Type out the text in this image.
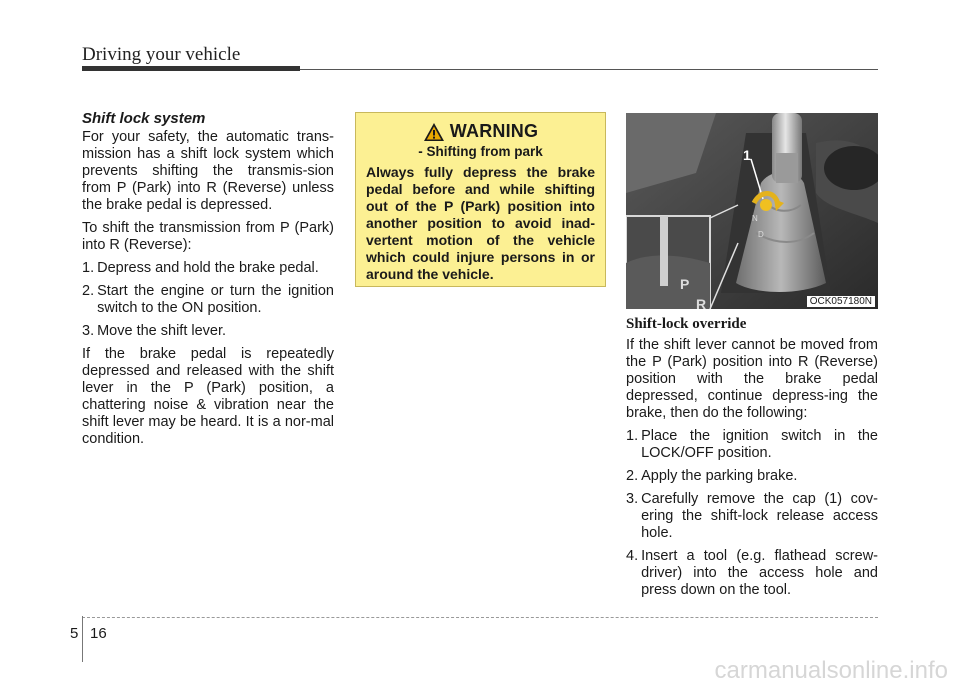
Driving your vehicle

Shift lock system

For your safety, the automatic trans-mission has a shift lock system which prevents shifting the transmis-sion from P (Park) into R (Reverse) unless the brake pedal is depressed.

To shift the transmission from P (Park) into R (Reverse):

1. Depress and hold the brake pedal.
2. Start the engine or turn the ignition switch to the ON position.
3. Move the shift lever.

If the brake pedal is repeatedly depressed and released with the shift lever in the P (Park) position, a chattering noise & vibration near the shift lever may be heard. It is a nor-mal condition.

WARNING
- Shifting from park
Always fully depress the brake pedal before and while shifting out of the P (Park) position into another position to avoid inad-vertent motion of the vehicle which could injure persons in or around the vehicle.
P
R
N
D
1
OCK057180N

Shift-lock override

If the shift lever cannot be moved from the P (Park) position into R (Reverse) position with the brake pedal depressed, continue depress-ing the brake, then do the following:

1. Place the ignition switch in the LOCK/OFF position.
2. Apply the parking brake.
3. Carefully remove the cap (1) cov-ering the shift-lock release access hole.
4. Insert a tool (e.g. flathead screw-driver) into the access hole and press down on the tool.
5 16
carmanualsonline.info
